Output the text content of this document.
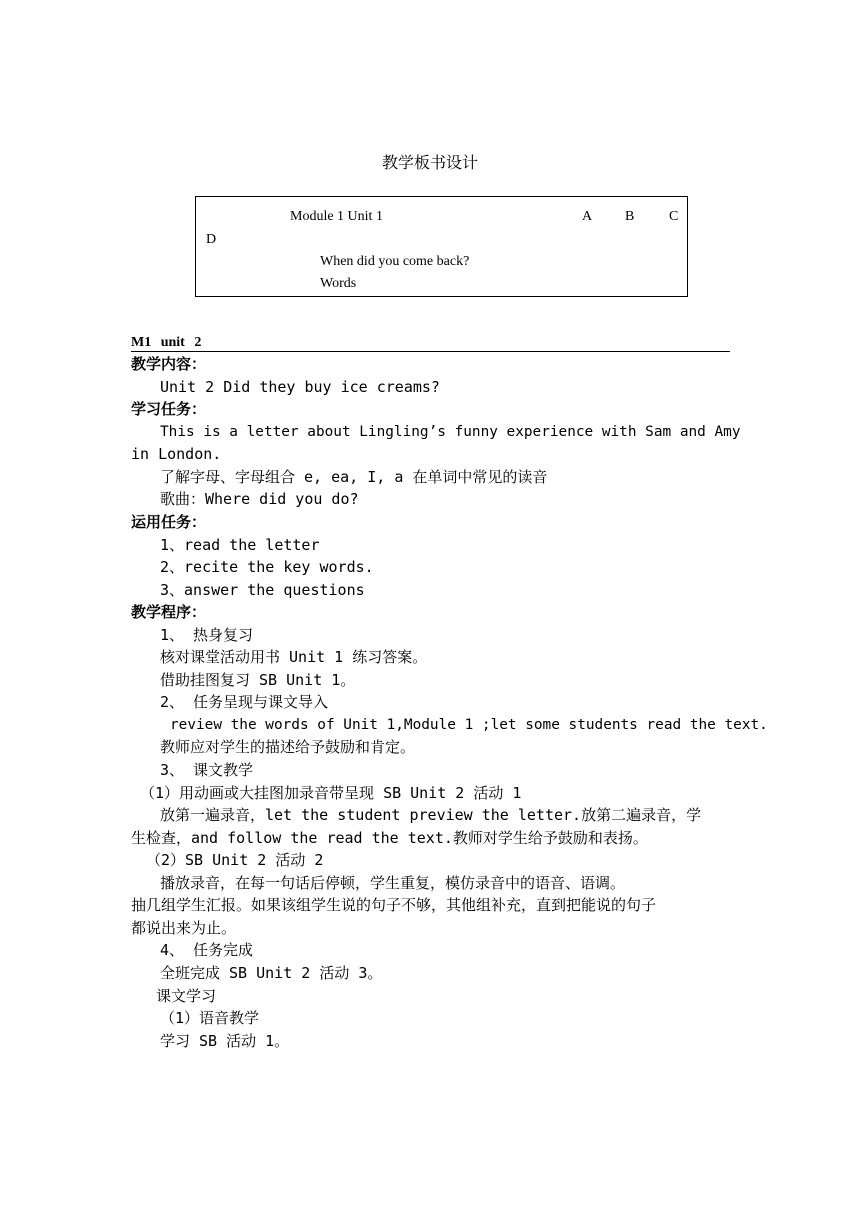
教学板书设计
Module 1 Unit 1	A B C
D
When did you come back?
Words
M1 unit 2
教学内容：
Unit 2 Did they buy ice creams?
学习任务：
This is a letter about Lingling’s funny experience with Sam and Amy
in London.
了解字母、字母组合 e, ea, I, a 在单词中常见的读音
歌曲：Where did you do?
运用任务：
1、read the letter
2、recite the key words.
3、answer the questions
教学程序：
1、 热身复习
核对课堂活动用书 Unit 1 练习答案。
借助挂图复习 SB Unit 1。
2、 任务呈现与课文导入
review the words of Unit 1,Module 1 ;let some students read the text.
教师应对学生的描述给予鼓励和肯定。
3、 课文教学
（1）用动画或大挂图加录音带呈现 SB Unit 2 活动 1
放第一遍录音，let the student preview the letter.放第二遍录音，学
生检查，and follow the read the text.教师对学生给予鼓励和表扬。
（2）SB Unit 2 活动 2
播放录音，在每一句话后停顿，学生重复，模仿录音中的语音、语调。
抽几组学生汇报。如果该组学生说的句子不够，其他组补充，直到把能说的句子
都说出来为止。
4、 任务完成
全班完成 SB Unit 2 活动 3。
课文学习
（1）语音教学
学习 SB 活动 1。
